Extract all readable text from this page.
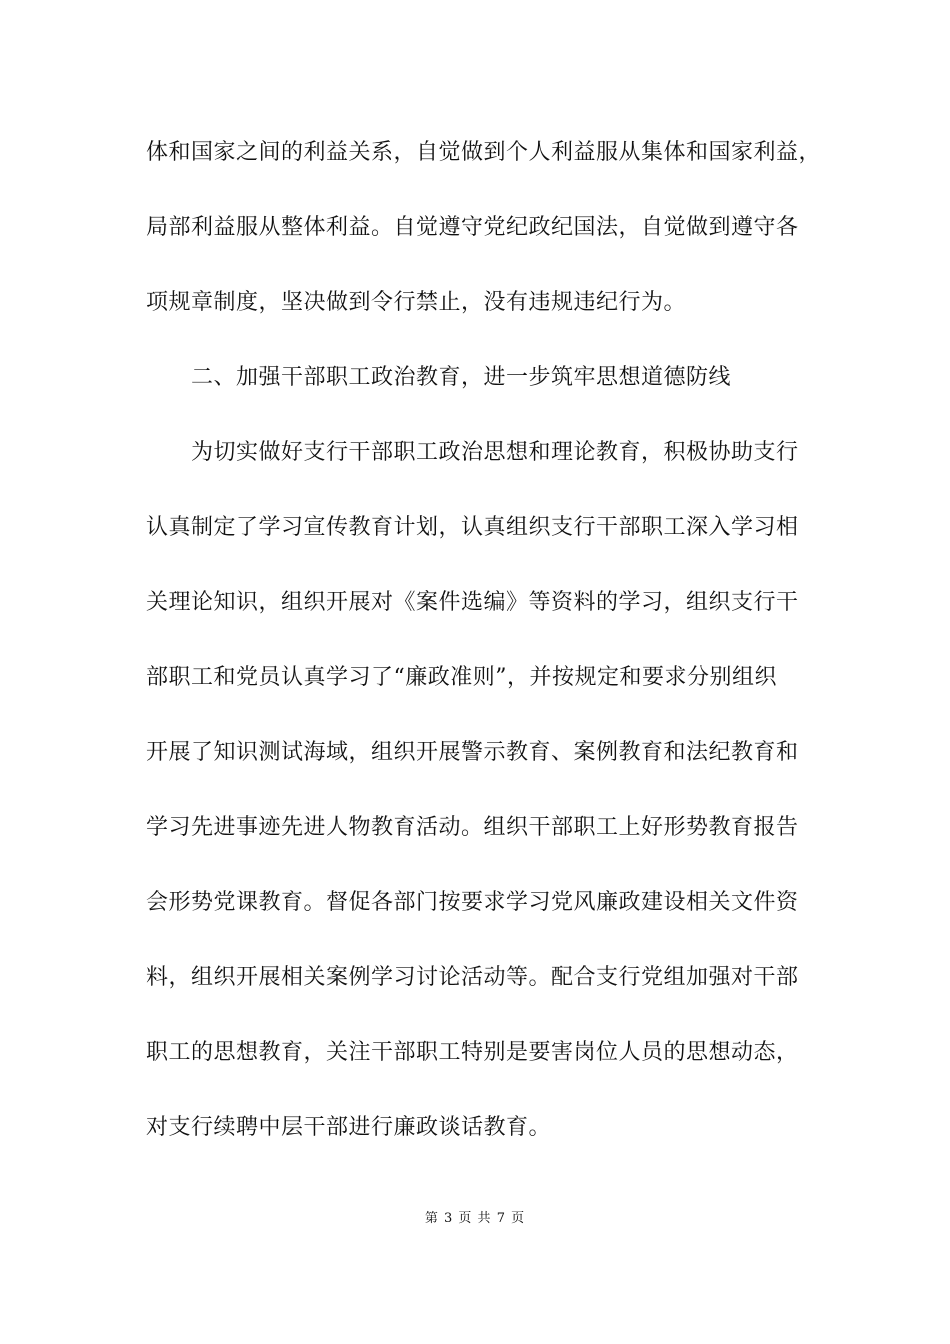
体和国家之间的利益关系，自觉做到个人利益服从集体和国家利益，
局部利益服从整体利益。自觉遵守党纪政纪国法，自觉做到遵守各
项规章制度，坚决做到令行禁止，没有违规违纪行为。
　　二、加强干部职工政治教育，进一步筑牢思想道德防线
　　为切实做好支行干部职工政治思想和理论教育，积极协助支行
认真制定了学习宣传教育计划，认真组织支行干部职工深入学习相
关理论知识，组织开展对《案件选编》等资料的学习，组织支行干
部职工和党员认真学习了“廉政准则”，并按规定和要求分别组织
开展了知识测试海域，组织开展警示教育、案例教育和法纪教育和
学习先进事迹先进人物教育活动。组织干部职工上好形势教育报告
会形势党课教育。督促各部门按要求学习党风廉政建设相关文件资
料，组织开展相关案例学习讨论活动等。配合支行党组加强对干部
职工的思想教育，关注干部职工特别是要害岗位人员的思想动态，
对支行续聘中层干部进行廉政谈话教育。
第 3 页 共 7 页
